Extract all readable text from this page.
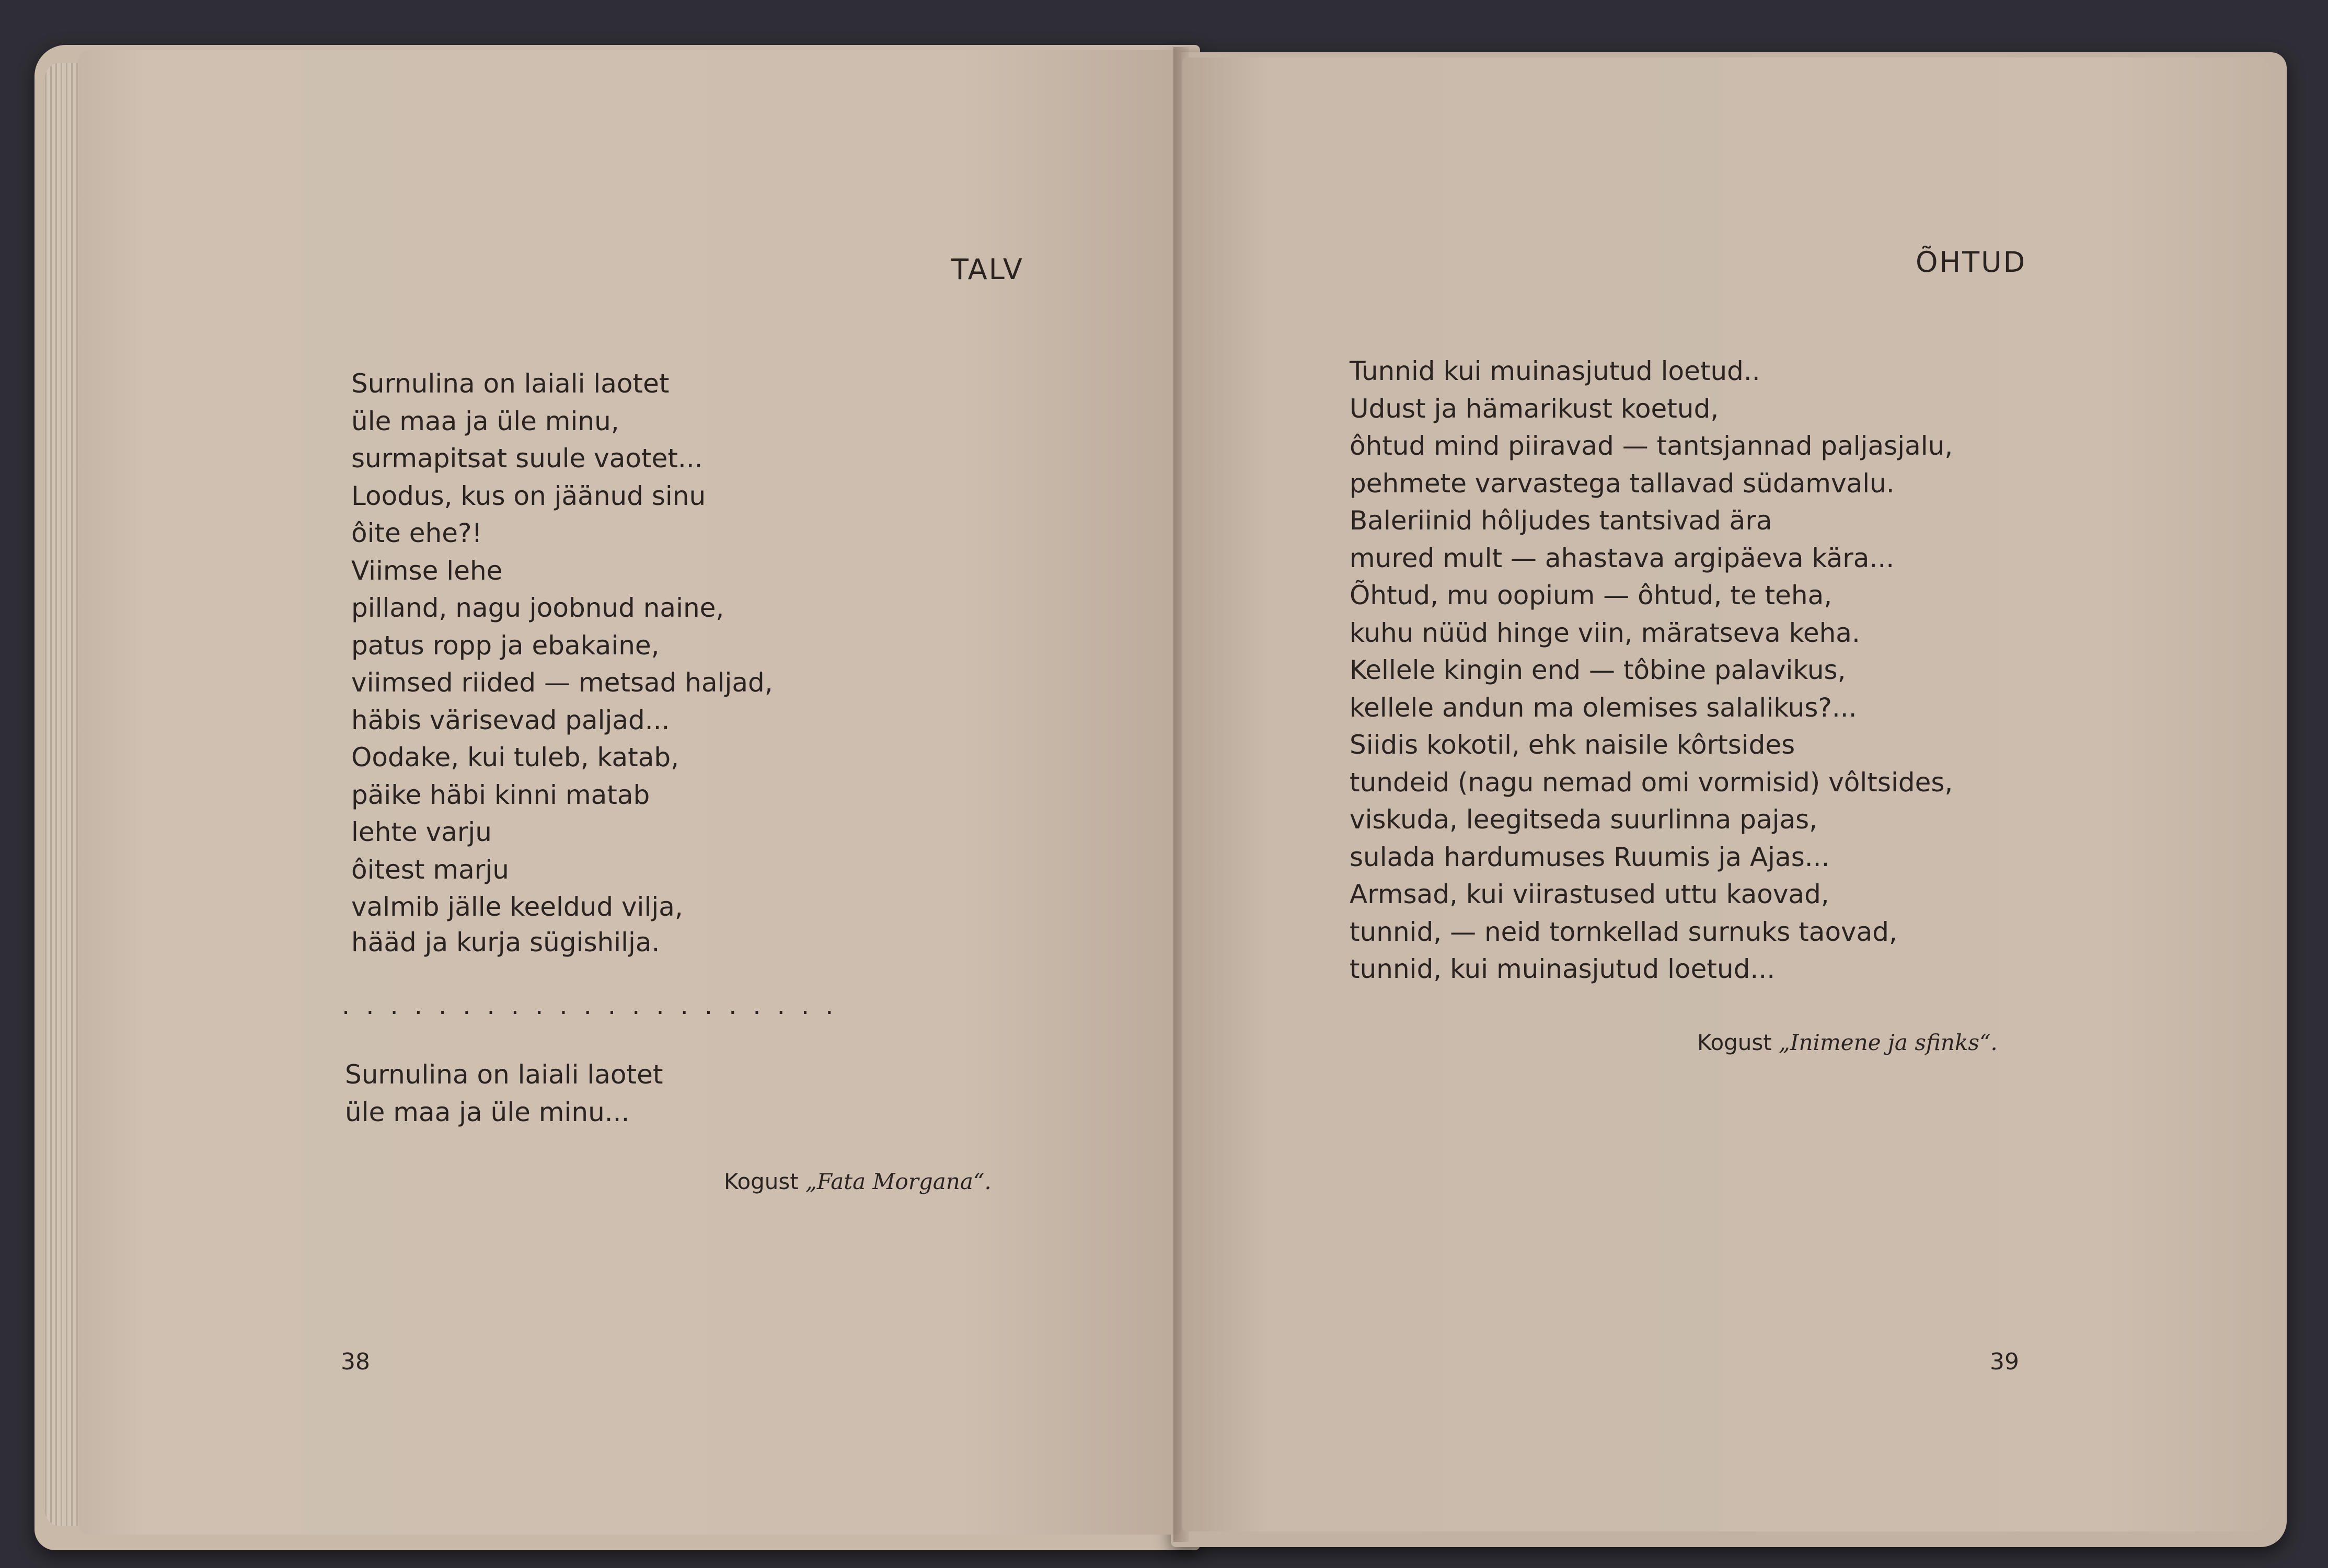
TALV
Surnulina on laiali laotet
üle maa ja üle minu,
surmapitsat suule vaotet...
Loodus, kus on jäänud sinu
ôite ehe?!
Viimse lehe
pilland, nagu joobnud naine,
patus ropp ja ebakaine,
viimsed riided — metsad haljad,
häbis värisevad paljad...
Oodake, kui tuleb, katab,
päike häbi kinni matab
lehte varju
ôitest marju
valmib jälle keeldud vilja,
hääd ja kurja sügishilja.
.....................
Surnulina on laiali laotet
üle maa ja üle minu...
Kogust „Fata Morgana“.
38
ÕHTUD
Tunnid kui muinasjutud loetud..
Udust ja hämarikust koetud,
ôhtud mind piiravad — tantsjannad paljasjalu,
pehmete varvastega tallavad südamvalu.
Baleriinid hôljudes tantsivad ära
mured mult — ahastava argipäeva kära...
Õhtud, mu oopium — ôhtud, te teha,
kuhu nüüd hinge viin, märatseva keha.
Kellele kingin end — tôbine palavikus,
kellele andun ma olemises salalikus?...
Siidis kokotil, ehk naisile kôrtsides
tundeid (nagu nemad omi vormisid) vôltsides,
viskuda, leegitseda suurlinna pajas,
sulada hardumuses Ruumis ja Ajas...
Armsad, kui viirastused uttu kaovad,
tunnid, — neid tornkellad surnuks taovad,
tunnid, kui muinasjutud loetud...
Kogust „Inimene ja sfinks“.
39
